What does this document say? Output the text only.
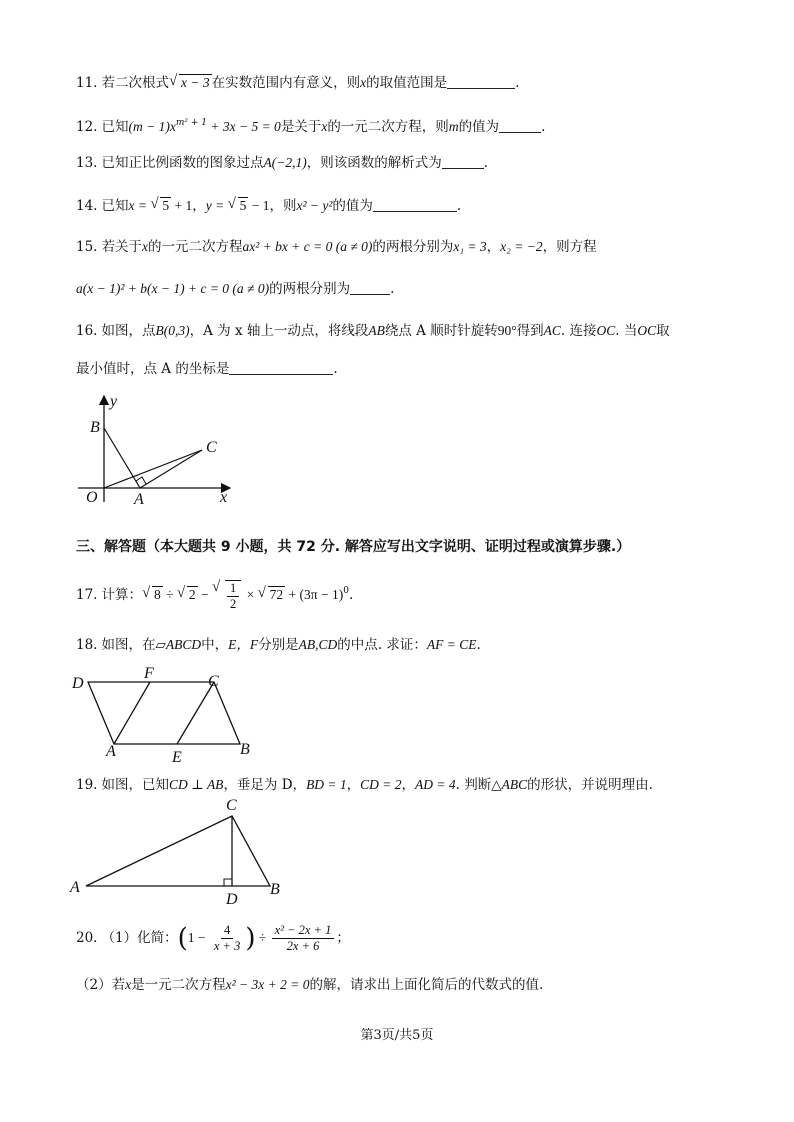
11. 若二次根式 √ x − 3 在实数范围内有意义，则x的取值范围是	.
12. 已知$(m - 1)x^{m^2 + 1} + 3x - 5 = 0$是关于x的一元二次方程，则m的值为	.
13. 已知正比例函数的图象过点A(−2,1)，则该函数的解析式为	.
14. 已知x = √ 5 + 1，y = √ 5 − 1，则x² − y²的值为	.
15. 若关于x的一元二次方程ax² + bx + c = 0 (a ≠ 0)的两根分别为x₁ = 3，x₂ = −2，则方程
a(x − 1)² + b(x − 1) + c = 0 (a ≠ 0)的两根分别为	.
16. 如图，点B(0,3)，A 为 x 轴上一动点，将线段AB绕点 A 顺时针旋转90°得到AC. 连接OC. 当OC取
最小值时，点 A 的坐标是	.
y
B
C
O A	x
三、解答题（本大题共 9 小题，共 72 分. 解答应写出文字说明、证明过程或演算步骤.）
17. 计算： √ 8 ÷ √ 2 − √ $\frac{1}{2}$ × √ $72 + (3\pi - 1)^0$.
18. 如图，在▱ABCD中，E，F分别是AB,CD的中点. 求证：AF = CE.
D
F	C
A	E	B
19. 如图，已知CD ⊥ AB，垂足为 D，BD = 1，CD = 2，AD = 4. 判断△ABC的形状，并说明理由.
C
A
D
B
20. （1）化简：($1 - \frac{4}{x + 3}$ ) ÷ $\frac{\text{x² − 2x + 1}}{2x + 6}$ ；
（2）若x是一元二次方程x² − 3x + 2 = 0的解，请求出上面化简后的代数式的值.
第3页/共5页
